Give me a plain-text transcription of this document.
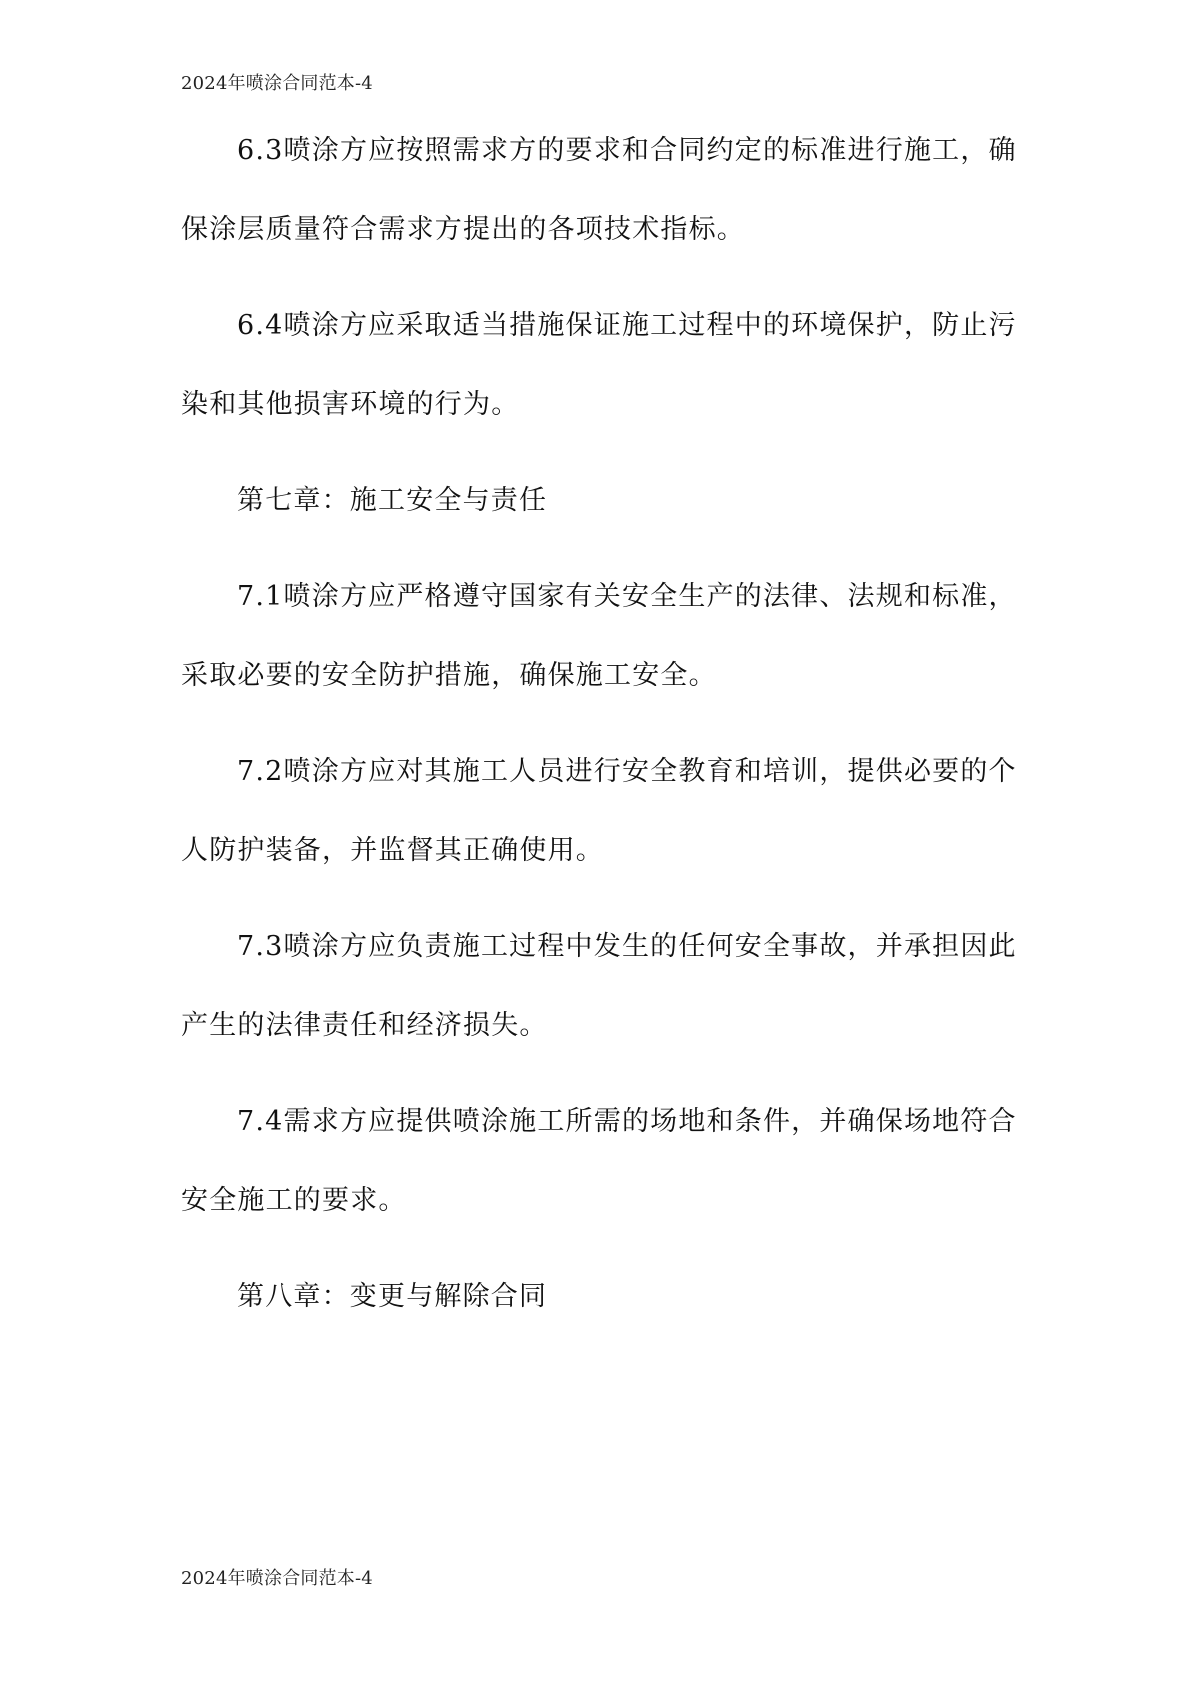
2024年喷涂合同范本-4
6.3喷涂方应按照需求方的要求和合同约定的标准进行施工，确
保涂层质量符合需求方提出的各项技术指标。
6.4喷涂方应采取适当措施保证施工过程中的环境保护，防止污
染和其他损害环境的行为。
第七章：施工安全与责任
7.1喷涂方应严格遵守国家有关安全生产的法律、法规和标准，
采取必要的安全防护措施，确保施工安全。
7.2喷涂方应对其施工人员进行安全教育和培训，提供必要的个
人防护装备，并监督其正确使用。
7.3喷涂方应负责施工过程中发生的任何安全事故，并承担因此
产生的法律责任和经济损失。
7.4需求方应提供喷涂施工所需的场地和条件，并确保场地符合
安全施工的要求。
第八章：变更与解除合同
2024年喷涂合同范本-4
